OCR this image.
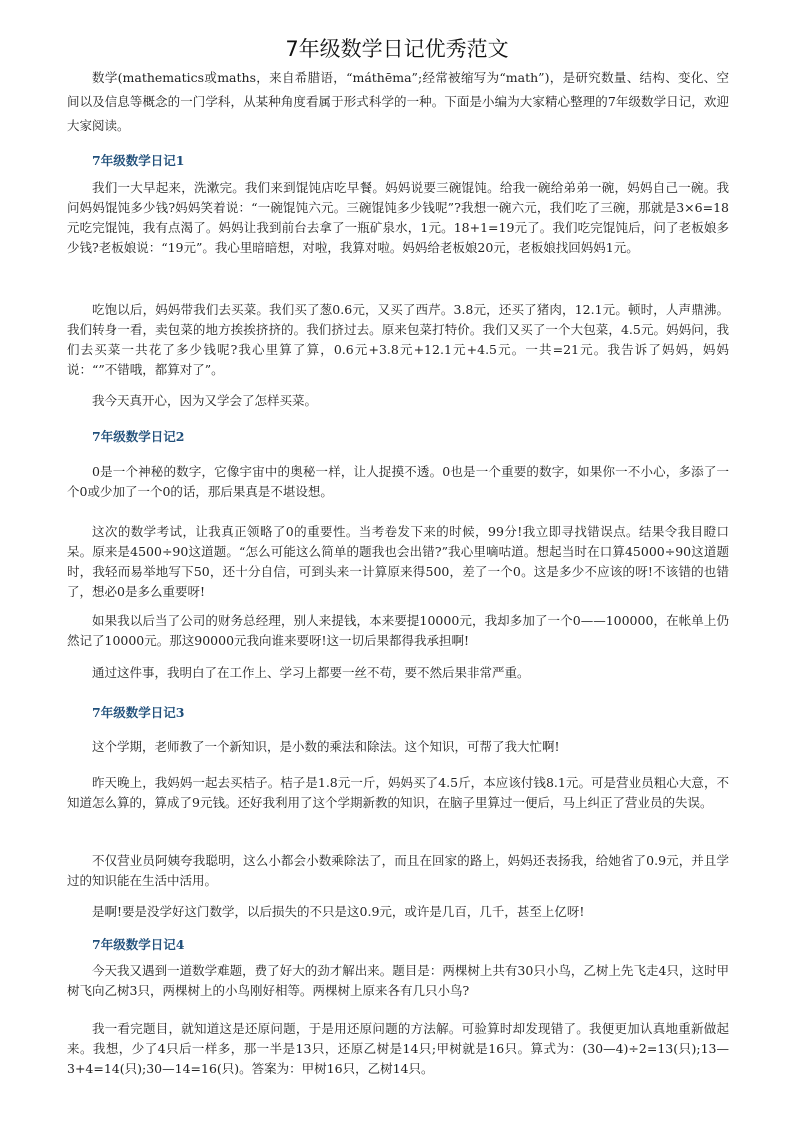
7年级数学日记优秀范文

数学(mathematics或maths，来自希腊语，“máthēma”;经常被缩写为“math”)，是研究数量、结构、变化、空间以及信息等概念的一门学科，从某种角度看属于形式科学的一种。下面是小编为大家精心整理的7年级数学日记，欢迎大家阅读。

7年级数学日记1

我们一大早起来，洗漱完。我们来到馄饨店吃早餐。妈妈说要三碗馄饨。给我一碗给弟弟一碗，妈妈自己一碗。我问妈妈馄饨多少钱?妈妈笑着说：“一碗馄饨六元。三碗馄饨多少钱呢”?我想一碗六元，我们吃了三碗，那就是3×6=18元吃完馄饨，我有点渴了。妈妈让我到前台去拿了一瓶矿泉水，1元。18+1=19元了。我们吃完馄饨后，问了老板娘多少钱?老板娘说：“19元”。我心里暗暗想，对啦，我算对啦。妈妈给老板娘20元，老板娘找回妈妈1元。

吃饱以后，妈妈带我们去买菜。我们买了葱0.6元，又买了西芹。3.8元，还买了猪肉，12.1元。顿时，人声鼎沸。我们转身一看，卖包菜的地方挨挨挤挤的。我们挤过去。原来包菜打特价。我们又买了一个大包菜，4.5元。妈妈问，我们去买菜一共花了多少钱呢?我心里算了算，0.6元+3.8元+12.1元+4.5元。一共=21元。我告诉了妈妈，妈妈说：“”不错哦，都算对了”。

我今天真开心，因为又学会了怎样买菜。

7年级数学日记2

0是一个神秘的数字，它像宇宙中的奥秘一样，让人捉摸不透。0也是一个重要的数字，如果你一不小心，多添了一个0或少加了一个0的话，那后果真是不堪设想。

这次的数学考试，让我真正领略了0的重要性。当考卷发下来的时候，99分!我立即寻找错误点。结果令我目瞪口呆。原来是4500÷90这道题。“怎么可能这么简单的题我也会出错?”我心里嘀咕道。想起当时在口算45000÷90这道题时，我轻而易举地写下50，还十分自信，可到头来一计算原来得500，差了一个0。这是多少不应该的呀!不该错的也错了，想必0是多么重要呀!

如果我以后当了公司的财务总经理，别人来提钱，本来要提10000元，我却多加了一个0——100000，在帐单上仍然记了10000元。那这90000元我向谁来要呀!这一切后果都得我承担啊!

通过这件事，我明白了在工作上、学习上都要一丝不苟，要不然后果非常严重。

7年级数学日记3

这个学期，老师教了一个新知识，是小数的乘法和除法。这个知识，可帮了我大忙啊!

昨天晚上，我妈妈一起去买桔子。桔子是1.8元一斤，妈妈买了4.5斤，本应该付钱8.1元。可是营业员粗心大意，不知道怎么算的，算成了9元钱。还好我利用了这个学期新教的知识，在脑子里算过一便后，马上纠正了营业员的失误。

不仅营业员阿姨夸我聪明，这么小都会小数乘除法了，而且在回家的路上，妈妈还表扬我，给她省了0.9元，并且学过的知识能在生活中活用。

是啊!要是没学好这门数学，以后损失的不只是这0.9元，或许是几百，几千，甚至上亿呀!

7年级数学日记4

今天我又遇到一道数学难题，费了好大的劲才解出来。题目是：两棵树上共有30只小鸟，乙树上先飞走4只，这时甲树飞向乙树3只，两棵树上的小鸟刚好相等。两棵树上原来各有几只小鸟?

我一看完题目，就知道这是还原问题，于是用还原问题的方法解。可验算时却发现错了。我便更加认真地重新做起来。我想，少了4只后一样多，那一半是13只，还原乙树是14只;甲树就是16只。算式为：(30—4)÷2=13(只);13—3+4=14(只);30—14=16(只)。答案为：甲树16只，乙树14只。
